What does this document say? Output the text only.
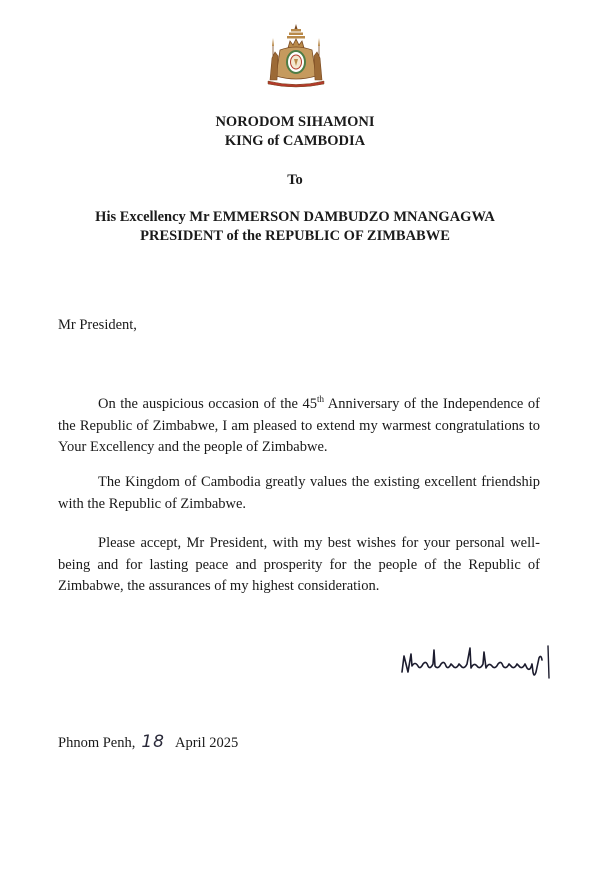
NORODOM SIHAMONI
KING of CAMBODIA
To
His Excellency Mr EMMERSON DAMBUDZO MNANGAGWA
PRESIDENT of the REPUBLIC OF ZIMBABWE
Mr President,

On the auspicious occasion of the 45th Anniversary of the Independence of the Republic of Zimbabwe, I am pleased to extend my warmest congratulations to Your Excellency and the people of Zimbabwe.

The Kingdom of Cambodia greatly values the existing excellent friendship with the Republic of Zimbabwe.

Please accept, Mr President, with my best wishes for your personal well-being and for lasting peace and prosperity for the people of the Republic of Zimbabwe, the assurances of my highest consideration.

Phnom Penh, 18 April 2025
